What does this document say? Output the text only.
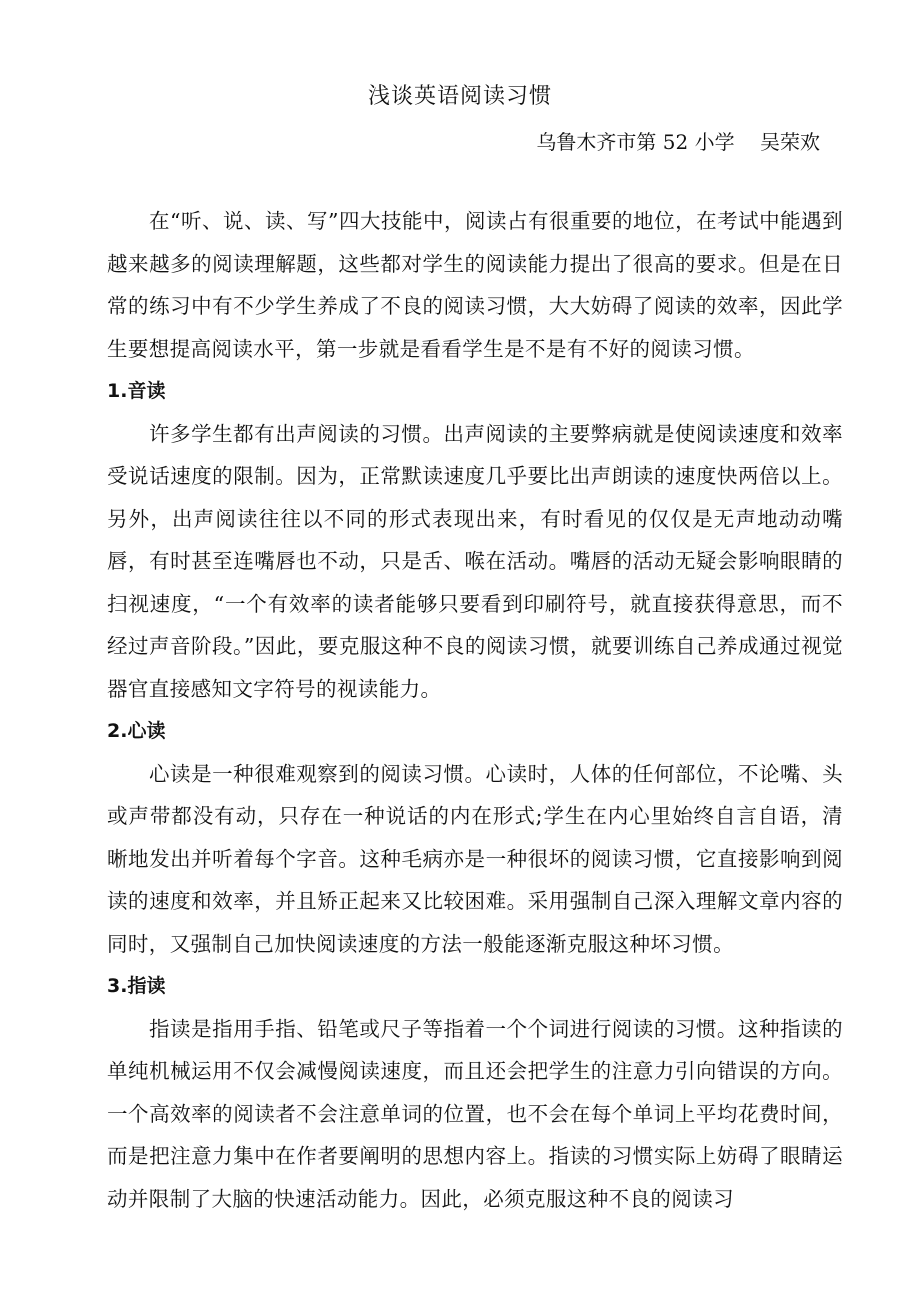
浅谈英语阅读习惯
乌鲁木齐市第 52 小学    吴荣欢

在“听、说、读、写”四大技能中，阅读占有很重要的地位，在考试中能遇到越来越多的阅读理解题，这些都对学生的阅读能力提出了很高的要求。但是在日常的练习中有不少学生养成了不良的阅读习惯，大大妨碍了阅读的效率，因此学生要想提高阅读水平，第一步就是看看学生是不是有不好的阅读习惯。

1.音读

许多学生都有出声阅读的习惯。出声阅读的主要弊病就是使阅读速度和效率受说话速度的限制。因为，正常默读速度几乎要比出声朗读的速度快两倍以上。另外，出声阅读往往以不同的形式表现出来，有时看见的仅仅是无声地动动嘴唇，有时甚至连嘴唇也不动，只是舌、喉在活动。嘴唇的活动无疑会影响眼睛的扫视速度，“一个有效率的读者能够只要看到印刷符号，就直接获得意思，而不经过声音阶段。”因此，要克服这种不良的阅读习惯，就要训练自己养成通过视觉器官直接感知文字符号的视读能力。

2.心读

心读是一种很难观察到的阅读习惯。心读时，人体的任何部位，不论嘴、头或声带都没有动，只存在一种说话的内在形式;学生在内心里始终自言自语，清晰地发出并听着每个字音。这种毛病亦是一种很坏的阅读习惯，它直接影响到阅读的速度和效率，并且矫正起来又比较困难。采用强制自己深入理解文章内容的同时，又强制自己加快阅读速度的方法一般能逐渐克服这种坏习惯。

3.指读

指读是指用手指、铅笔或尺子等指着一个个词进行阅读的习惯。这种指读的单纯机械运用不仅会减慢阅读速度，而且还会把学生的注意力引向错误的方向。一个高效率的阅读者不会注意单词的位置，也不会在每个单词上平均花费时间，而是把注意力集中在作者要阐明的思想内容上。指读的习惯实际上妨碍了眼睛运动并限制了大脑的快速活动能力。因此，必须克服这种不良的阅读习
